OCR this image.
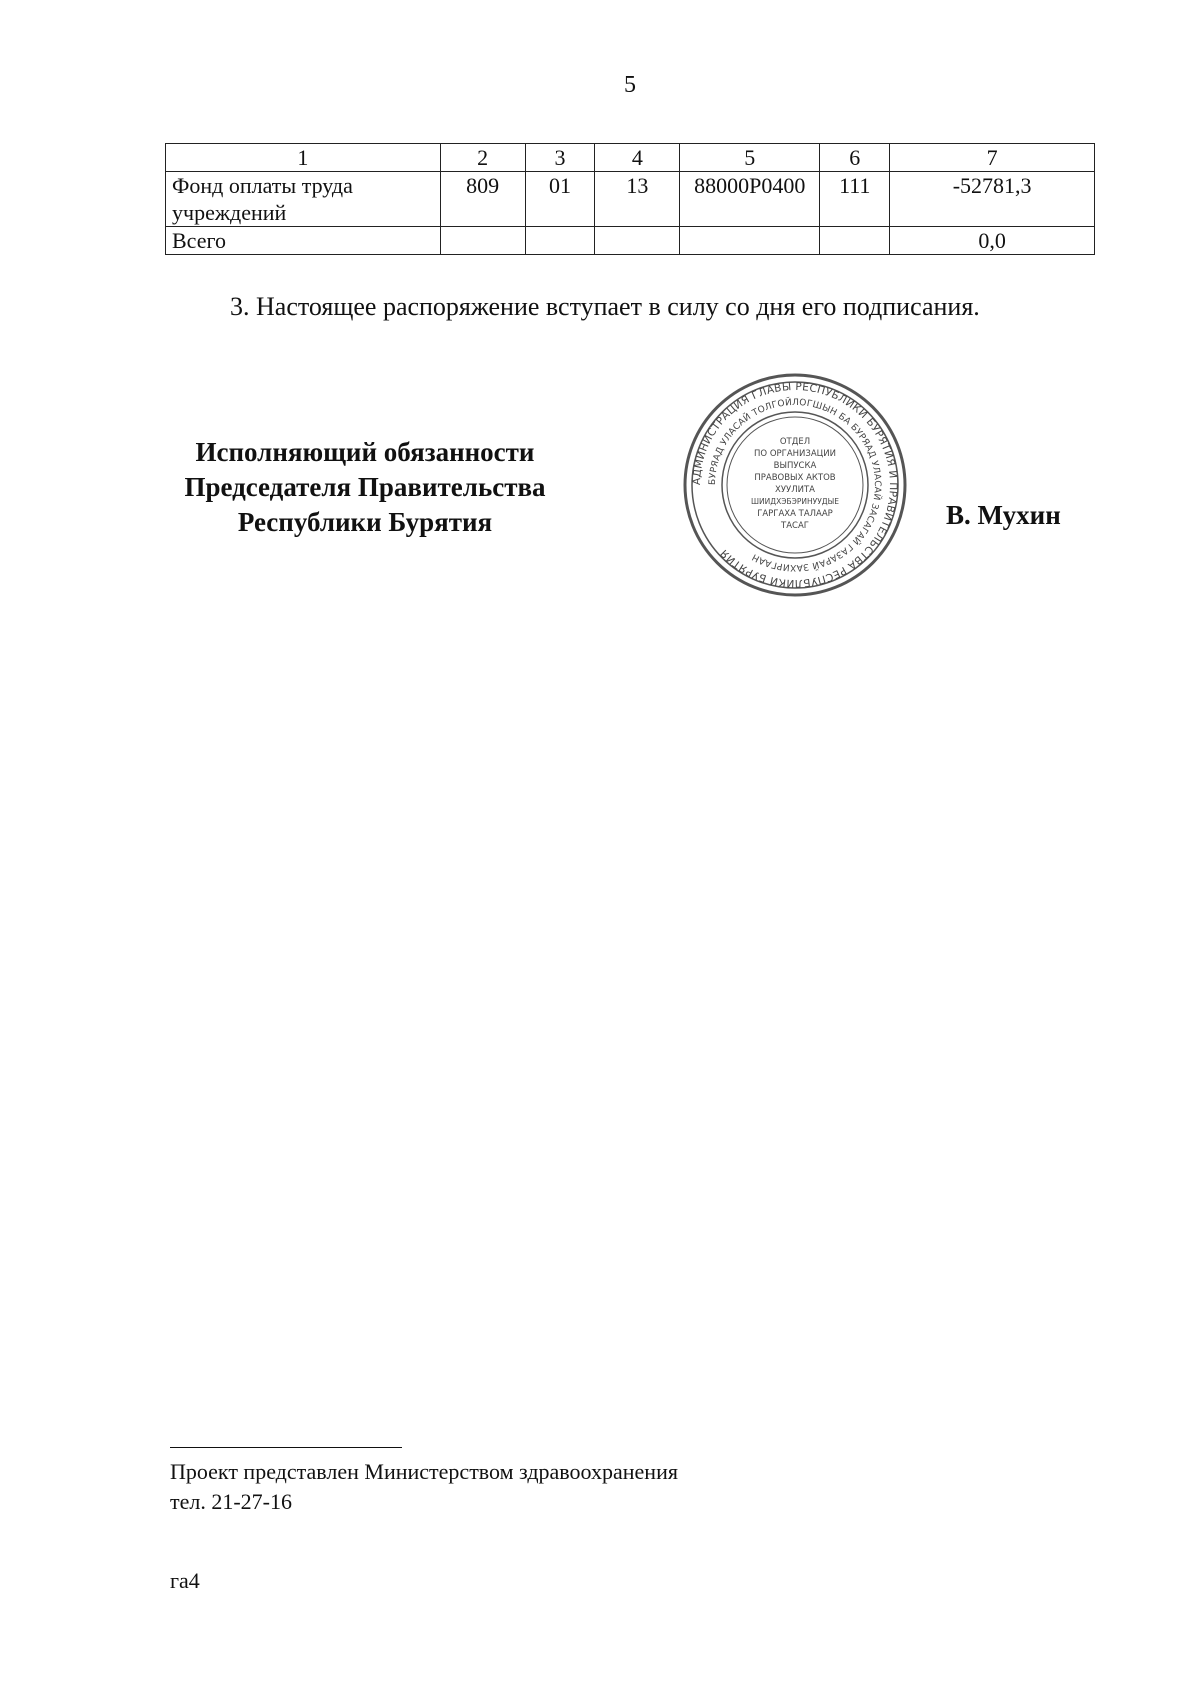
5
1	2	3	4	5	6	7

Фонд оплаты труда
учреждений	809	01	13	88000Р0400	111	-52781,3
Всего						0,0
3. Настоящее распоряжение вступает в силу со дня его подписания.
Исполняющий обязанности
Председателя Правительства
Республики Бурятия
АДМИНИСТРАЦИЯ ГЛАВЫ РЕСПУБЛИКИ БУРЯТИЯ И ПРАВИТЕЛЬСТВА РЕСПУБЛИКИ БУРЯТИЯ
БУРЯАД УЛАСАЙ ТОЛГОЙЛОГШЫН БА БУРЯАД УЛАСАЙ ЗАСАГАЙ ГАЗАРАЙ ЗАХИРГААН
ОТДЕЛ
ПО ОРГАНИЗАЦИИ
ВЫПУСКА
ПРАВОВЫХ АКТОВ
ХУУЛИТА
ШИИДХЭБЭРИНУУДЫЕ
ГАРГАХА ТАЛААР
ТАСАГ	В. Мухин
Проект представлен Министерством здравоохранения
тел. 21-27-16
га4
